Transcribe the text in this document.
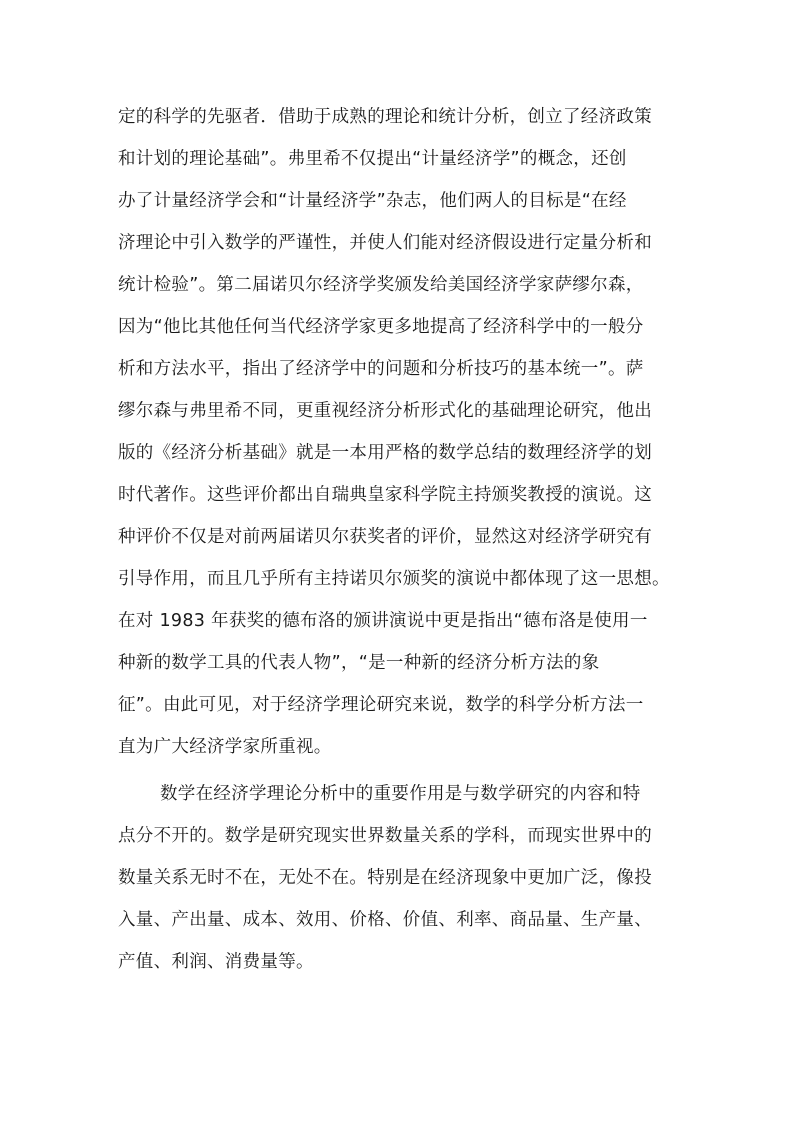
定的科学的先驱者．借助于成熟的理论和统计分析，创立了经济政策
和计划的理论基础”。弗里希不仅提出“计量经济学”的概念，还创
办了计量经济学会和“计量经济学”杂志，他们两人的目标是“在经
济理论中引入数学的严谨性，并使人们能对经济假设进行定量分析和
统计检验”。第二届诺贝尔经济学奖颁发给美国经济学家萨缪尔森，
因为“他比其他任何当代经济学家更多地提高了经济科学中的一般分
析和方法水平，指出了经济学中的问题和分析技巧的基本统一”。萨
缪尔森与弗里希不同，更重视经济分析形式化的基础理论研究，他出
版的《经济分析基础》就是一本用严格的数学总结的数理经济学的划
时代著作。这些评价都出自瑞典皇家科学院主持颁奖教授的演说。这
种评价不仅是对前两届诺贝尔获奖者的评价，显然这对经济学研究有
引导作用，而且几乎所有主持诺贝尔颁奖的演说中都体现了这一思想。
在对 1983 年获奖的德布洛的颁讲演说中更是指出“德布洛是使用一
种新的数学工具的代表人物”，“是一种新的经济分析方法的象
征”。由此可见，对于经济学理论研究来说，数学的科学分析方法一
直为广大经济学家所重视。
数学在经济学理论分析中的重要作用是与数学研究的内容和特
点分不开的。数学是研究现实世界数量关系的学科，而现实世界中的
数量关系无时不在，无处不在。特别是在经济现象中更加广泛，像投
入量、产出量、成本、效用、价格、价值、利率、商品量、生产量、
产值、利润、消费量等。
